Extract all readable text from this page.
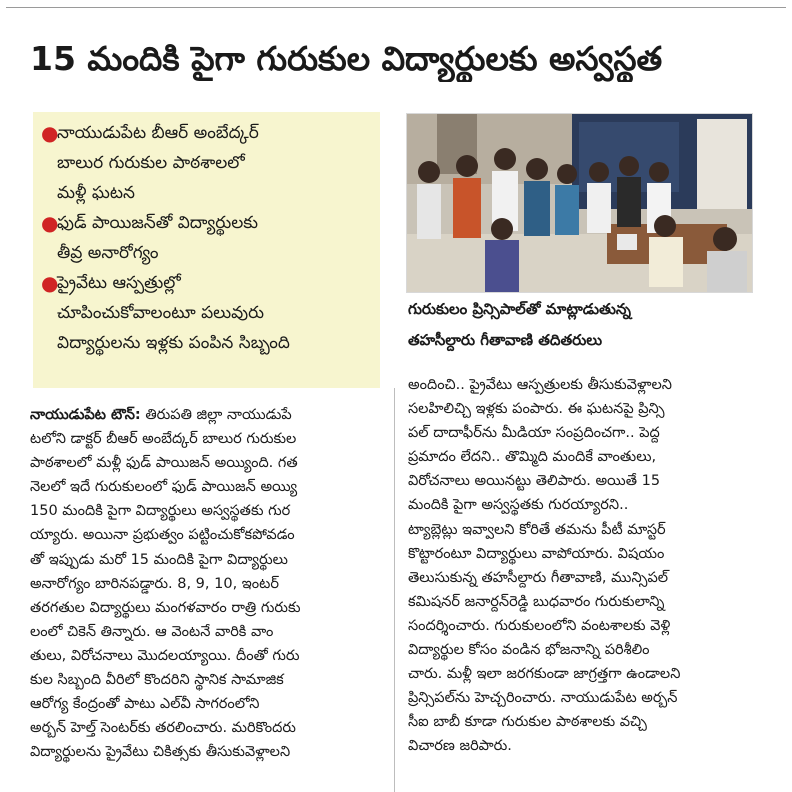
15 మందికి పైగా గురుకుల విద్యార్థులకు అస్వస్థత
●
నాయుడుపేట బీఆర్ అంబేద్కర్
బాలుర గురుకుల పాఠశాలలో
మళ్లీ ఘటన
●
ఫుడ్ పాయిజన్‌తో విద్యార్థులకు
తీవ్ర అనారోగ్యం
●
ప్రైవేటు ఆస్పత్రుల్లో
చూపించుకోవాలంటూ పలువురు
విద్యార్థులను ఇళ్లకు పంపిన సిబ్బంది
గురుకులం ప్రిన్సిపాల్‌తో మాట్లాడుతున్న
తహసీల్దారు గీతావాణి తదితరులు
నాయుడుపేట టౌన్: తిరుపతి జిల్లా నాయుడుపే
టలోని డాక్టర్ బీఆర్ అంబేద్కర్ బాలుర గురుకుల
పాఠశాలలో మళ్లీ ఫుడ్ పాయిజన్ అయ్యింది. గత
నెలలో ఇదే గురుకులంలో ఫుడ్ పాయిజన్ అయ్యి
150 మందికి పైగా విద్యార్థులు అస్వస్థతకు గుర
య్యారు. అయినా ప్రభుత్వం పట్టించుకోకపోవడం
తో ఇప్పుడు మరో 15 మందికి పైగా విద్యార్థులు
అనారోగ్యం బారినపడ్డారు. 8, 9, 10, ఇంటర్
తరగతుల విద్యార్థులు మంగళవారం రాత్రి గురుకు
లంలో చికెన్ తిన్నారు. ఆ వెంటనే వారికి వాం
తులు, విరోచనాలు మొదలయ్యాయి. దీంతో గురు
కుల సిబ్బంది వీరిలో కొందరిని స్థానిక సామాజిక
ఆరోగ్య కేంద్రంతో పాటు ఎల్‌వీ సాగరంలోని
అర్బన్ హెల్త్ సెంటర్‌కు తరలించారు. మరికొందరు
విద్యార్థులను ప్రైవేటు చికిత్సకు తీసుకువెళ్లాలని
అందించి.. ప్రైవేటు ఆస్పత్రులకు తీసుకువెళ్లాలని
సలహిలిచ్చి ఇళ్లకు పంపారు. ఈ ఘటనపై ప్రిన్సి
పల్ దాదాఫీర్‌ను మీడియా సంప్రదించగా.. పెద్ద
ప్రమాదం లేదని.. తొమ్మిది మందికే వాంతులు,
విరోచనాలు అయినట్టు తెలిపారు. అయితే 15
మందికి పైగా అస్వస్థతకు గురయ్యారని..
ట్యాబ్లెట్లు ఇవ్వాలని కోరితే తమను పీటీ మాస్టర్
కొట్టారంటూ విద్యార్థులు వాపోయారు. విషయం
తెలుసుకున్న తహసీల్దారు గీతావాణి, మున్సిపల్
కమిషనర్ జనార్దన్‌రెడ్డి బుధవారం గురుకులాన్ని
సందర్శించారు. గురుకులంలోని వంటశాలకు వెళ్లి
విద్యార్థుల కోసం వండిన భోజనాన్ని పరిశీలిం
చారు. మళ్లీ ఇలా జరగకుండా జాగ్రత్తగా ఉండాలని
ప్రిన్సిపల్‌ను హెచ్చరించారు. నాయుడుపేట అర్బన్
సీఐ బాబీ కూడా గురుకుల పాఠశాలకు వచ్చి
విచారణ జరిపారు.
